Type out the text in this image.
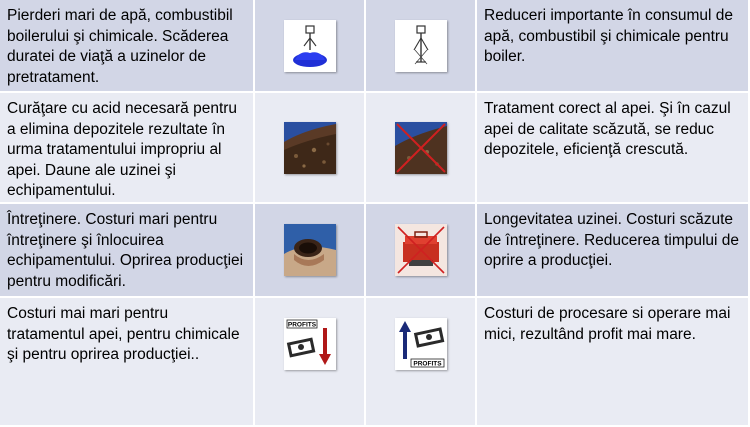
Pierderi mari de apă, combustibil boilerului şi chimicale. Scăderea duratei de viaţă a uzinelor de pretratament.
Reduceri importante în consumul de apă, combustibil şi chimicale pentru boiler.
Curăţare cu acid necesară pentru a elimina depozitele rezultate în urma tratamentului impropriu al apei. Daune ale uzinei şi echipamentului.
Tratament corect al apei. Şi în cazul apei de calitate scăzută, se reduc depozitele, eficienţă crescută.
Întreţinere. Costuri mari pentru întreţinere şi înlocuirea echipamentului. Oprirea producţiei pentru modificări.
Longevitatea uzinei. Costuri scăzute de întreţinere. Reducerea timpului de oprire a producţiei.
Costuri mai mari pentru tratamentul apei, pentru chimicale şi pentru oprirea producţiei..
PROFITS
PROFITS
Costuri de procesare si operare mai mici, rezultând profit mai mare.
